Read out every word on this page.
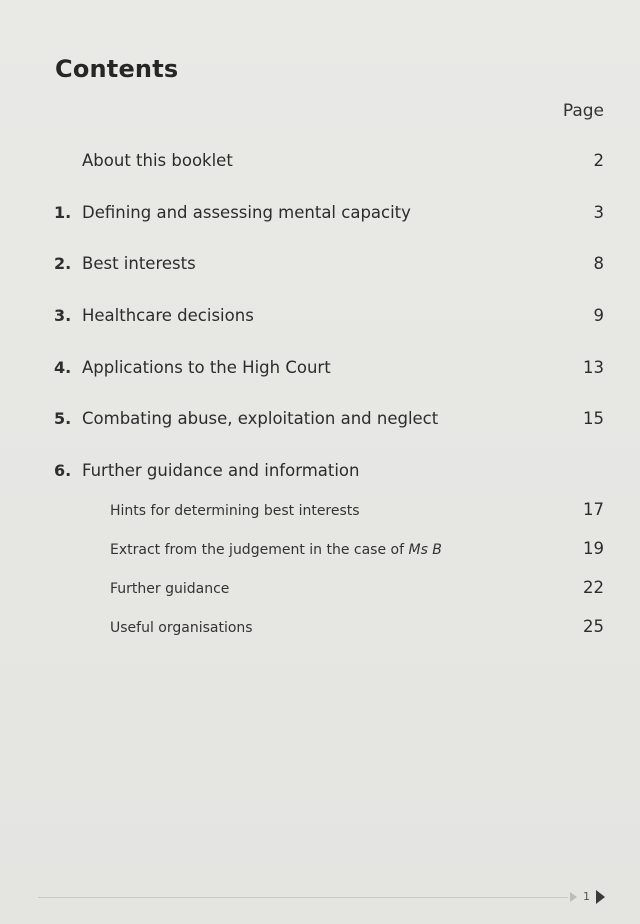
Contents
Page
About this booklet	2
1. Defining and assessing mental capacity	3
2. Best interests	8
3. Healthcare decisions	9
4. Applications to the High Court	13
5. Combating abuse, exploitation and neglect	15
6. Further guidance and information
Hints for determining best interests	17
Extract from the judgement in the case of Ms B	19
Further guidance	22
Useful organisations	25
1
